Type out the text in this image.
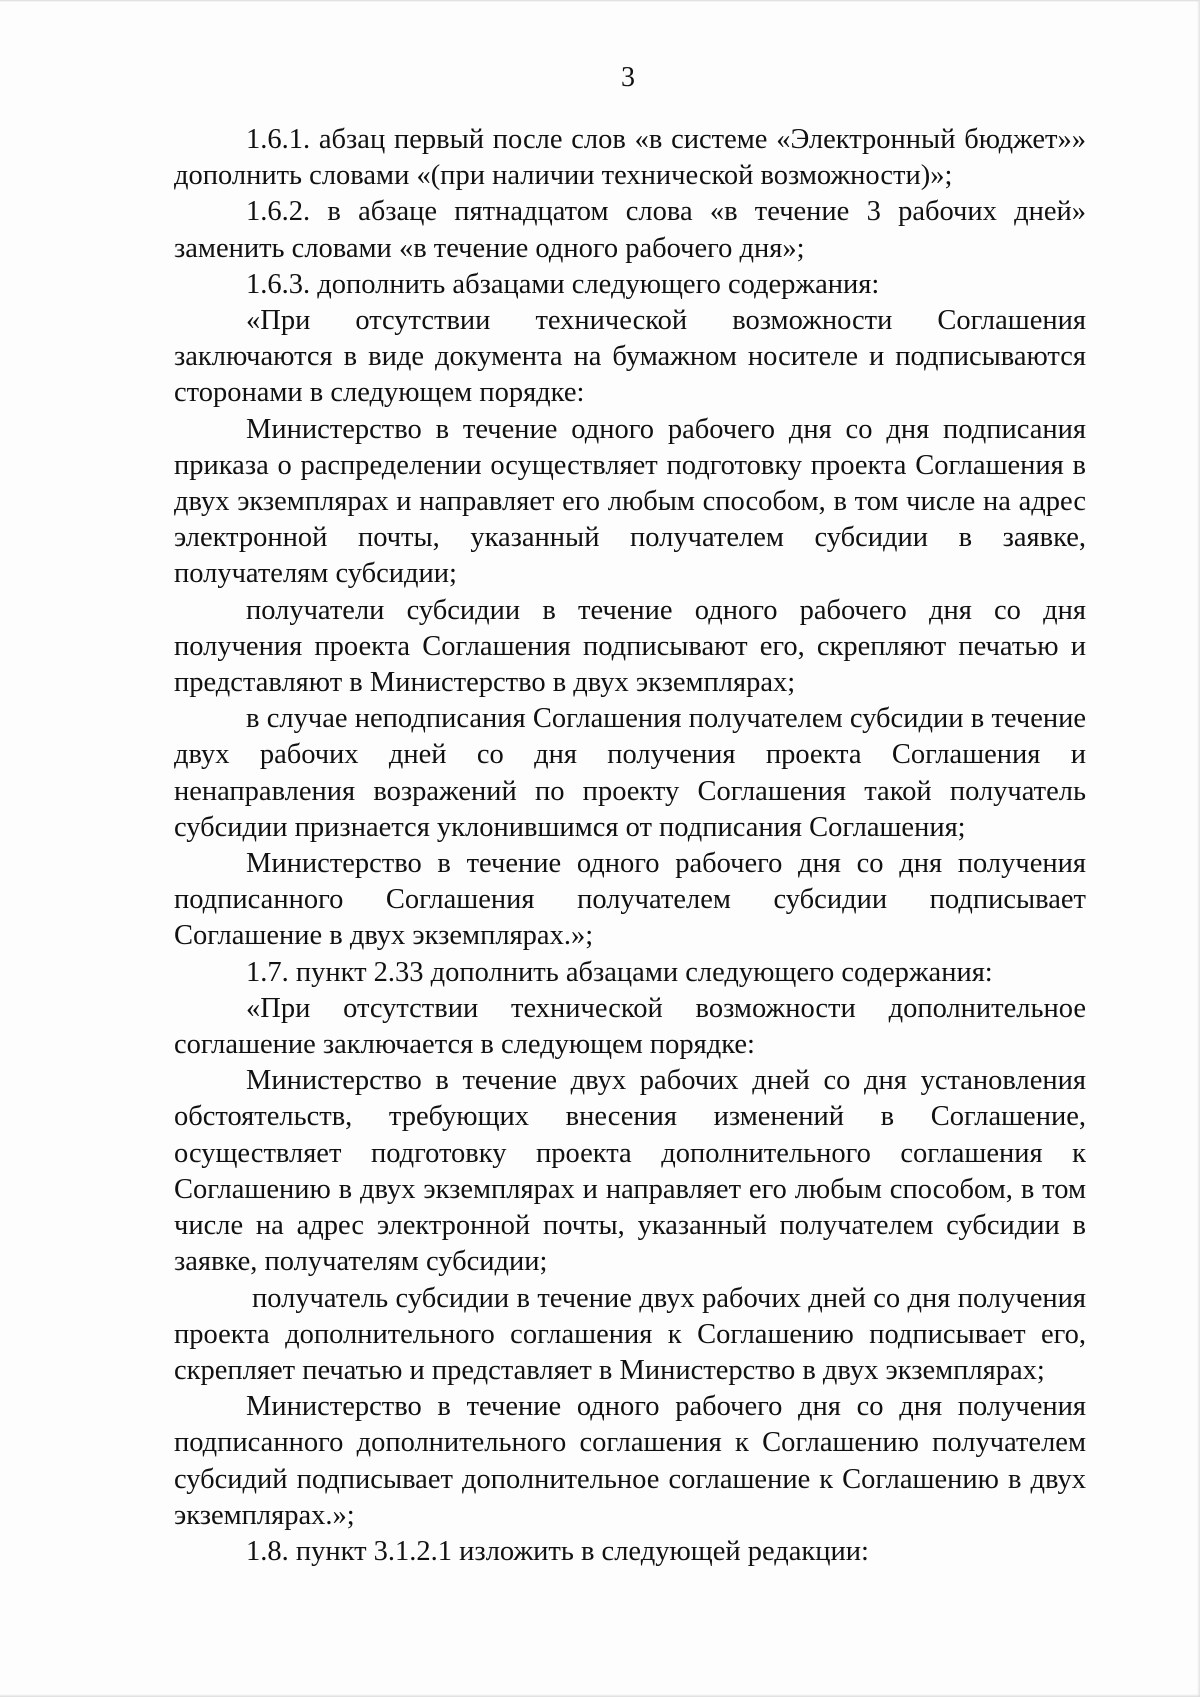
3

1.6.1. абзац первый после слов «в системе «Электронный бюджет»» дополнить словами «(при наличии технической возможности)»;

1.6.2. в абзаце пятнадцатом слова «в течение 3 рабочих дней» заменить словами «в течение одного рабочего дня»;

1.6.3. дополнить абзацами следующего содержания:

«При отсутствии технической возможности Соглашения заключаются в виде документа на бумажном носителе и подписываются сторонами в следующем порядке:

Министерство в течение одного рабочего дня со дня подписания приказа о распределении осуществляет подготовку проекта Соглашения в двух экземплярах и направляет его любым способом, в том числе на адрес электронной почты, указанный получателем субсидии в заявке, получателям субсидии;

получатели субсидии в течение одного рабочего дня со дня получения проекта Соглашения подписывают его, скрепляют печатью и представляют в Министерство в двух экземплярах;

в случае неподписания Соглашения получателем субсидии в течение двух рабочих дней со дня получения проекта Соглашения и ненаправления возражений по проекту Соглашения такой получатель субсидии признается уклонившимся от подписания Соглашения;

Министерство в течение одного рабочего дня со дня получения подписанного Соглашения получателем субсидии подписывает Соглашение в двух экземплярах.»;

1.7. пункт 2.33 дополнить абзацами следующего содержания:

«При отсутствии технической возможности дополнительное соглашение заключается в следующем порядке:

Министерство в течение двух рабочих дней со дня установления обстоятельств, требующих внесения изменений в Соглашение, осуществляет подготовку проекта дополнительного соглашения к Соглашению в двух экземплярах и направляет его любым способом, в том числе на адрес электронной почты, указанный получателем субсидии в заявке, получателям субсидии;

получатель субсидии в течение двух рабочих дней со дня получения проекта дополнительного соглашения к Соглашению подписывает его, скрепляет печатью и представляет в Министерство в двух экземплярах;

Министерство в течение одного рабочего дня со дня получения подписанного дополнительного соглашения к Соглашению получателем субсидий подписывает дополнительное соглашение к Соглашению в двух экземплярах.»;

1.8. пункт 3.1.2.1 изложить в следующей редакции:
